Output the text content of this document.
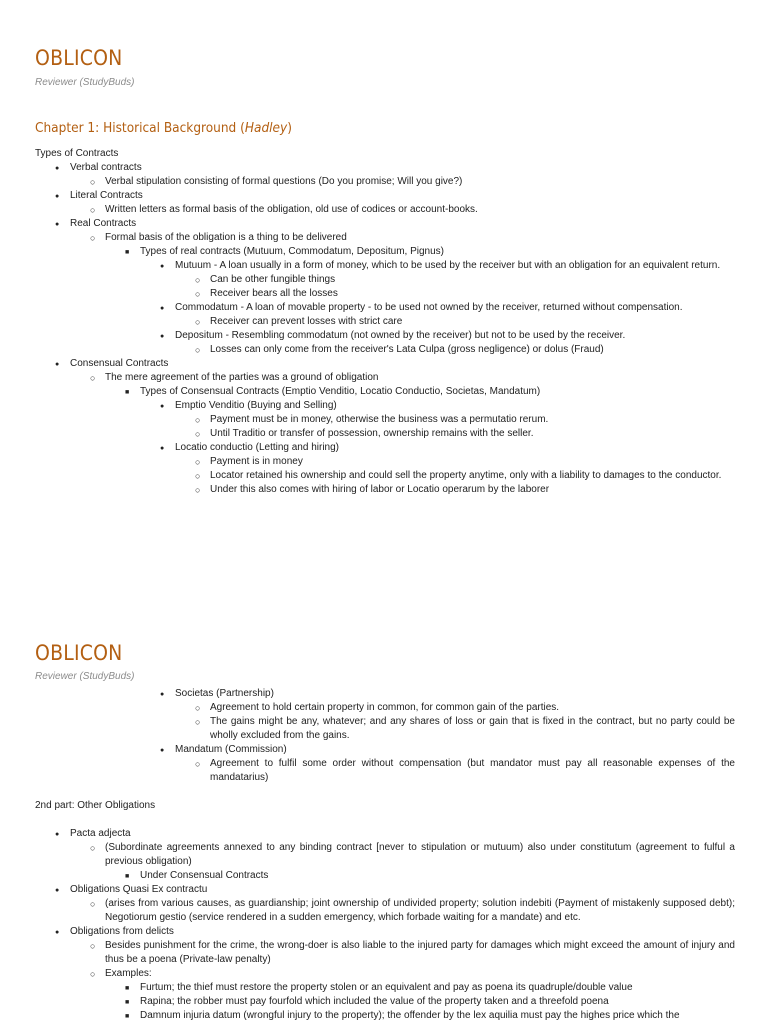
OBLICON

Reviewer (StudyBuds)

Chapter 1: Historical Background (Hadley)
Types of Contracts
● Verbal contracts
○ Verbal stipulation consisting of formal questions (Do you promise; Will you give?)
● Literal Contracts
○ Written letters as formal basis of the obligation, old use of codices or account-books.
● Real Contracts
○ Formal basis of the obligation is a thing to be delivered
■ Types of real contracts (Mutuum, Commodatum, Depositum, Pignus)
● Mutuum - A loan usually in a form of money, which to be used by the receiver but with an obligation for an equivalent return.
○ Can be other fungible things
○ Receiver bears all the losses
● Commodatum - A loan of movable property - to be used not owned by the receiver, returned without compensation.
○ Receiver can prevent losses with strict care
● Depositum - Resembling commodatum (not owned by the receiver) but not to be used by the receiver.
○ Losses can only come from the receiver's Lata Culpa (gross negligence) or dolus (Fraud)
● Consensual Contracts
○ The mere agreement of the parties was a ground of obligation
■ Types of Consensual Contracts (Emptio Venditio, Locatio Conductio, Societas, Mandatum)
● Emptio Venditio (Buying and Selling)
○ Payment must be in money, otherwise the business was a permutatio rerum.
○ Until Traditio or transfer of possession, ownership remains with the seller.
● Locatio conductio (Letting and hiring)
○ Payment is in money
○ Locator retained his ownership and could sell the property anytime, only with a liability to damages to the conductor.
○ Under this also comes with hiring of labor or Locatio operarum by the laborer
OBLICON

Reviewer (StudyBuds)

● Societas (Partnership)
○ Agreement to hold certain property in common, for common gain of the parties.
○ The gains might be any, whatever; and any shares of loss or gain that is fixed in the contract, but no party could be wholly excluded from the gains.
● Mandatum (Commission)
○ Agreement to fulfil some order without compensation (but mandator must pay all reasonable expenses of the mandatarius)

2nd part: Other Obligations

● Pacta adjecta
○ (Subordinate agreements annexed to any binding contract [never to stipulation or mutuum) also under constitutum (agreement to fulful a previous obligation)
■ Under Consensual Contracts
● Obligations Quasi Ex contractu
○ (arises from various causes, as guardianship; joint ownership of undivided property; solution indebiti (Payment of mistakenly supposed debt); Negotiorum gestio (service rendered in a sudden emergency, which forbade waiting for a mandate) and etc.
● Obligations from delicts
○ Besides punishment for the crime, the wrong-doer is also liable to the injured party for damages which might exceed the amount of injury and thus be a poena (Private-law penalty)
○ Examples:
■ Furtum; the thief must restore the property stolen or an equivalent and pay as poena its quadruple/double value
■ Rapina; the robber must pay fourfold which included the value of the property taken and a threefold poena
■ Damnum injuria datum (wrongful injury to the property); the offender by the lex aquilia must pay the highes price which the
